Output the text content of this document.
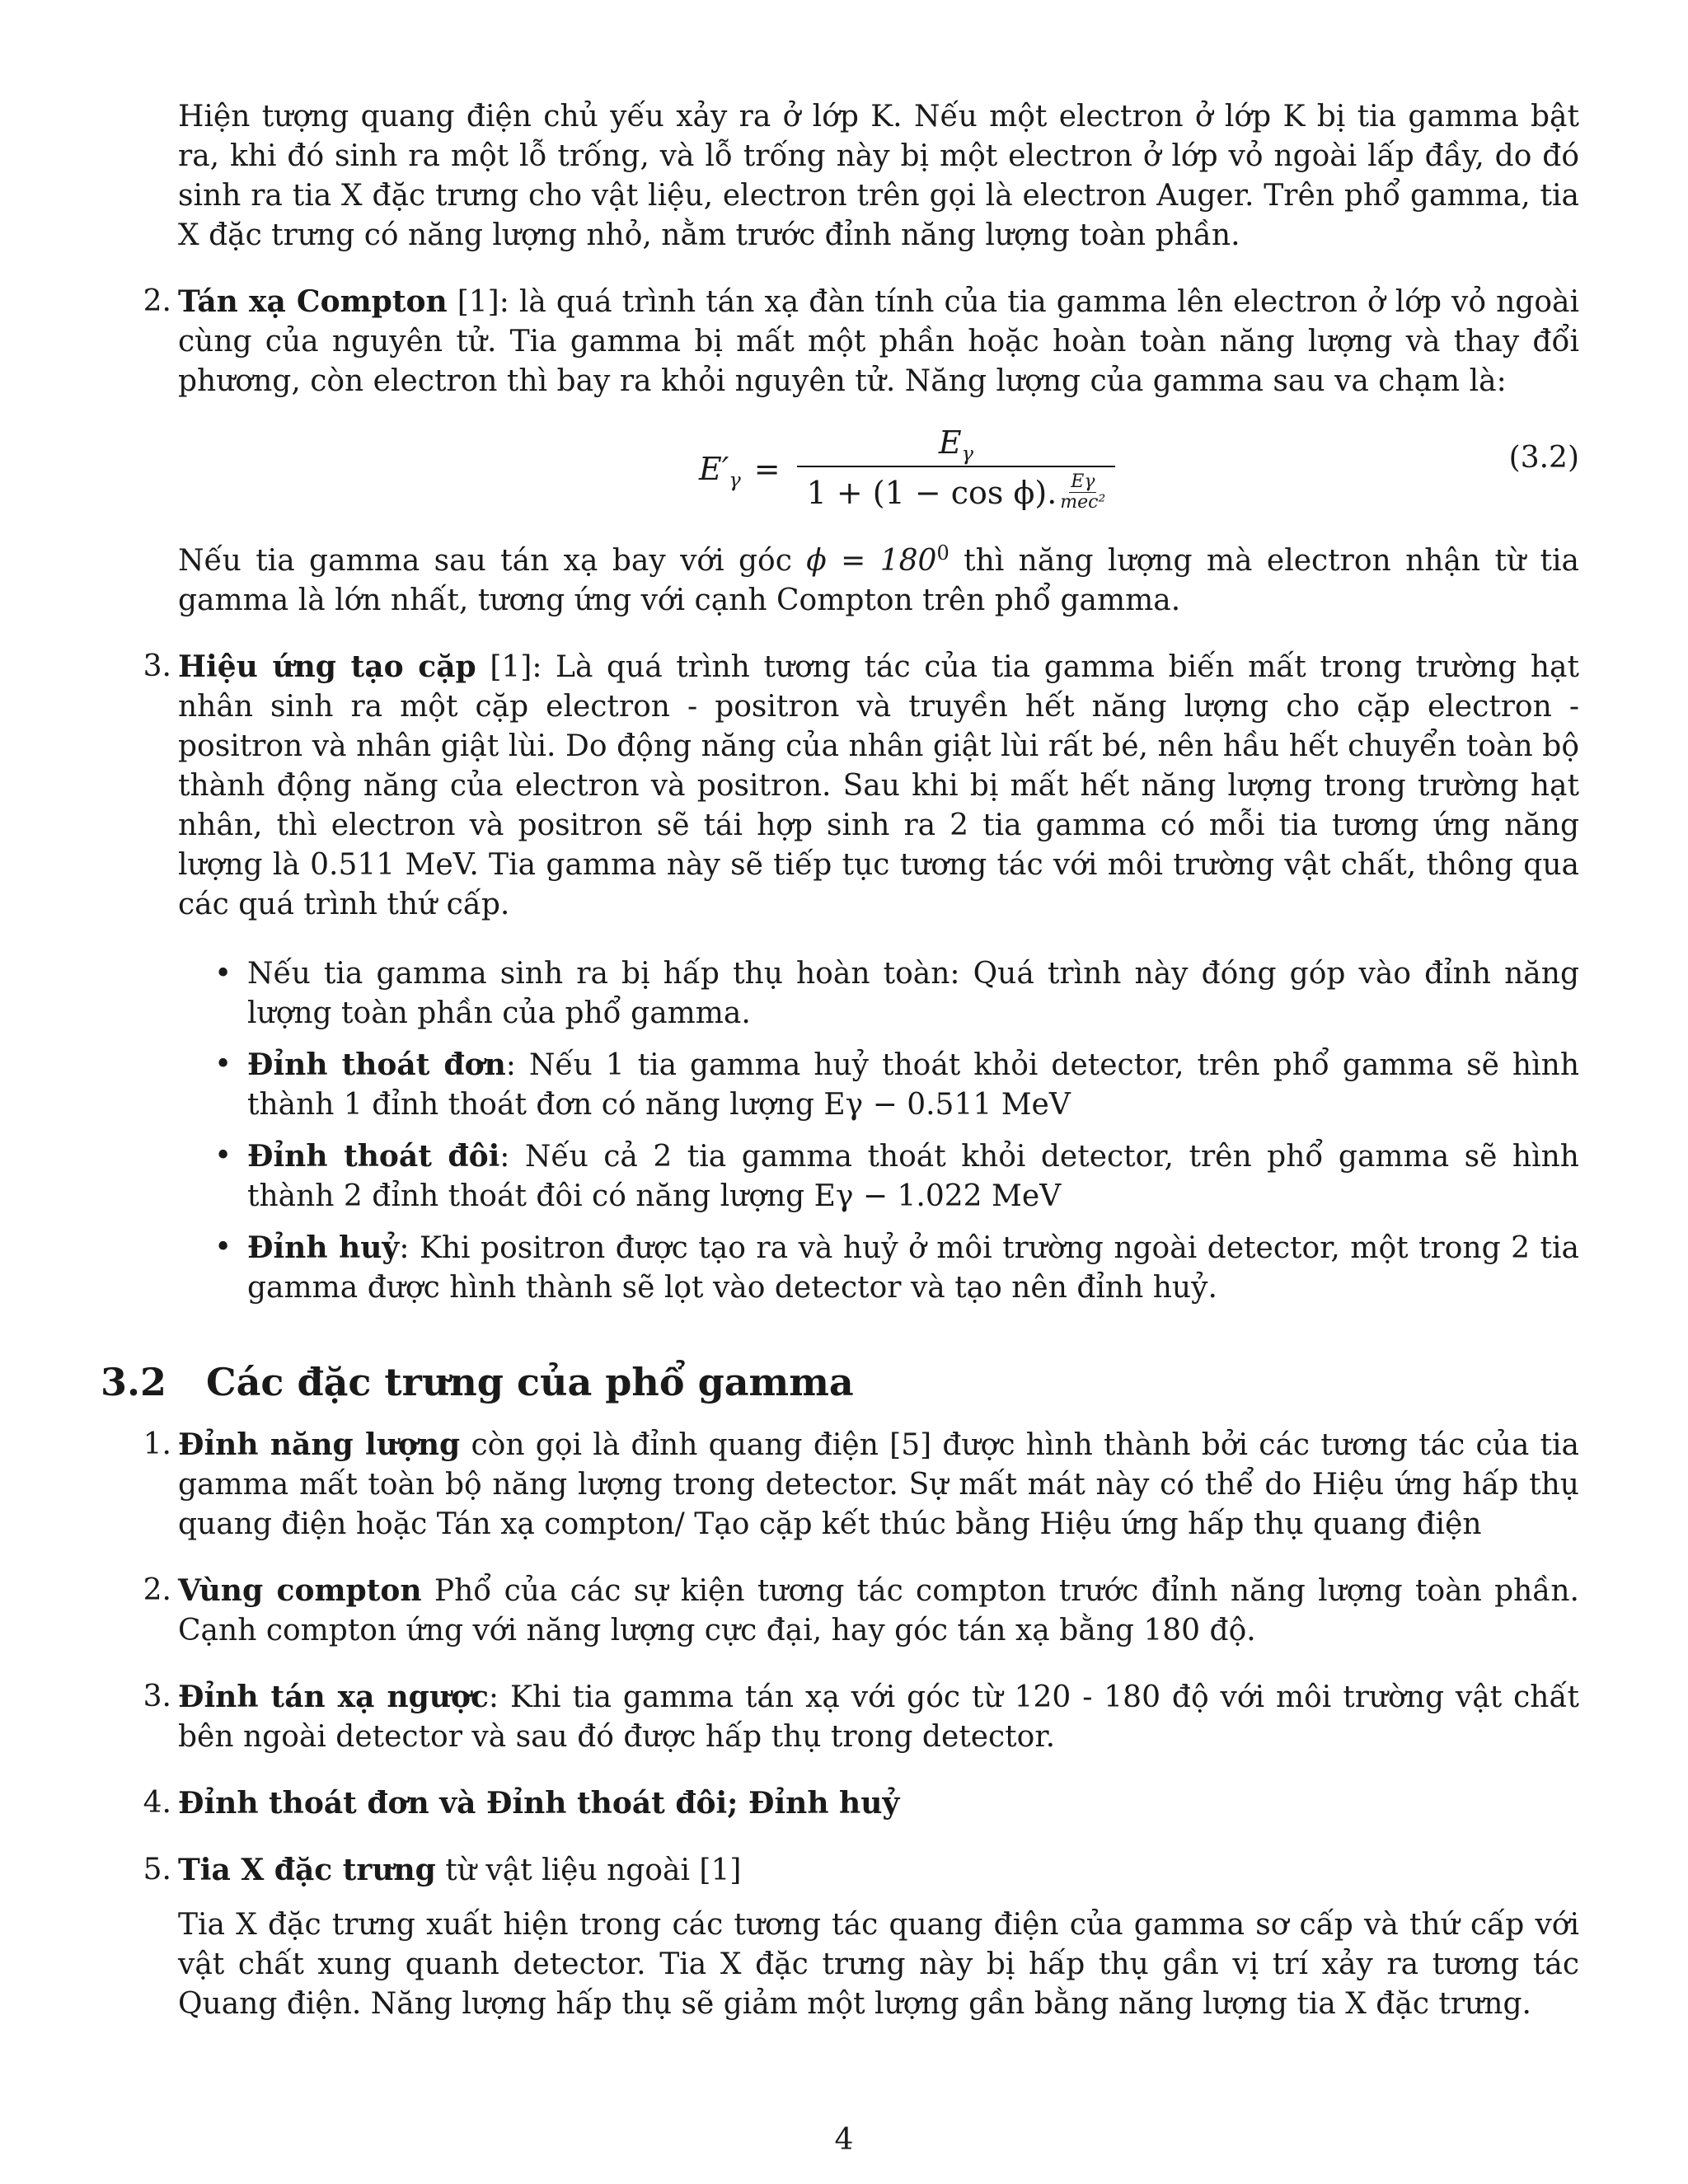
Hiện tượng quang điện chủ yếu xảy ra ở lớp K. Nếu một electron ở lớp K bị tia gamma bật ra, khi đó sinh ra một lỗ trống, và lỗ trống này bị một electron ở lớp vỏ ngoài lấp đầy, do đó sinh ra tia X đặc trưng cho vật liệu, electron trên gọi là electron Auger. Trên phổ gamma, tia X đặc trưng có năng lượng nhỏ, nằm trước đỉnh năng lượng toàn phần.

2. Tán xạ Compton [1]: là quá trình tán xạ đàn tính của tia gamma lên electron ở lớp vỏ ngoài cùng của nguyên tử. Tia gamma bị mất một phần hoặc hoàn toàn năng lượng và thay đổi phương, còn electron thì bay ra khỏi nguyên tử. Năng lượng của gamma sau va chạm là:

$E'_\gamma$ =
$E_\gamma$
1 + (1 − cos ϕ). $\frac{E\gamma}{\text{mec²}}$
(3.2)

Nếu tia gamma sau tán xạ bay với góc $\phi = 180^0$ thì năng lượng mà electron nhận từ tia gamma là lớn nhất, tương ứng với cạnh Compton trên phổ gamma.

3. Hiệu ứng tạo cặp [1]: Là quá trình tương tác của tia gamma biến mất trong trường hạt nhân sinh ra một cặp electron - positron và truyền hết năng lượng cho cặp electron - positron và nhân giật lùi. Do động năng của nhân giật lùi rất bé, nên hầu hết chuyển toàn bộ thành động năng của electron và positron. Sau khi bị mất hết năng lượng trong trường hạt nhân, thì electron và positron sẽ tái hợp sinh ra 2 tia gamma có mỗi tia tương ứng năng lượng là 0.511 MeV. Tia gamma này sẽ tiếp tục tương tác với môi trường vật chất, thông qua các quá trình thứ cấp.

• Nếu tia gamma sinh ra bị hấp thụ hoàn toàn: Quá trình này đóng góp vào đỉnh năng lượng toàn phần của phổ gamma.

• Đỉnh thoát đơn: Nếu 1 tia gamma huỷ thoát khỏi detector, trên phổ gamma sẽ hình thành 1 đỉnh thoát đơn có năng lượng Eγ − 0.511 MeV

• Đỉnh thoát đôi: Nếu cả 2 tia gamma thoát khỏi detector, trên phổ gamma sẽ hình thành 2 đỉnh thoát đôi có năng lượng Eγ − 1.022 MeV

• Đỉnh huỷ: Khi positron được tạo ra và huỷ ở môi trường ngoài detector, một trong 2 tia gamma được hình thành sẽ lọt vào detector và tạo nên đỉnh huỷ.

3.2 Các đặc trưng của phổ gamma
1. Đỉnh năng lượng còn gọi là đỉnh quang điện [5] được hình thành bởi các tương tác của tia gamma mất toàn bộ năng lượng trong detector. Sự mất mát này có thể do Hiệu ứng hấp thụ quang điện hoặc Tán xạ compton/ Tạo cặp kết thúc bằng Hiệu ứng hấp thụ quang điện

2. Vùng compton Phổ của các sự kiện tương tác compton trước đỉnh năng lượng toàn phần. Cạnh compton ứng với năng lượng cực đại, hay góc tán xạ bằng 180 độ.

3. Đỉnh tán xạ ngược: Khi tia gamma tán xạ với góc từ 120 - 180 độ với môi trường vật chất bên ngoài detector và sau đó được hấp thụ trong detector.

4. Đỉnh thoát đơn và Đỉnh thoát đôi; Đỉnh huỷ

5. Tia X đặc trưng từ vật liệu ngoài [1]

Tia X đặc trưng xuất hiện trong các tương tác quang điện của gamma sơ cấp và thứ cấp với vật chất xung quanh detector. Tia X đặc trưng này bị hấp thụ gần vị trí xảy ra tương tác Quang điện. Năng lượng hấp thụ sẽ giảm một lượng gần bằng năng lượng tia X đặc trưng.

4
